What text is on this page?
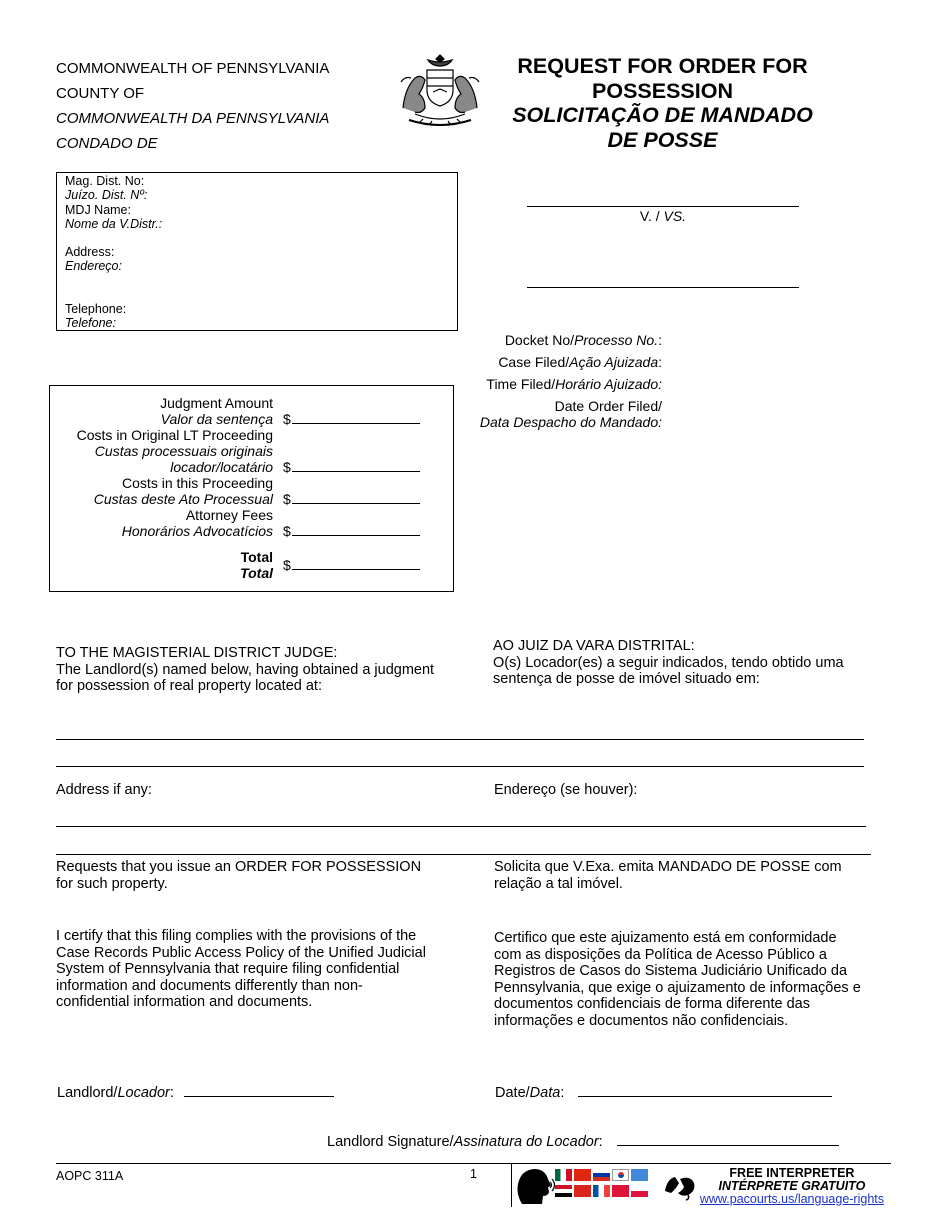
COMMONWEALTH OF PENNSYLVANIA
COUNTY OF
COMMONWEALTH DA PENNSYLVANIA
CONDADO DE
REQUEST FOR ORDER FOR
POSSESSION
SOLICITAÇÃO DE MANDADO
DE POSSE
Mag. Dist. No:
Juízo. Dist. Nº:
MDJ Name:
Nome da V.Distr.:
Address:
Endereço:
Telephone:
Telefone:
V. / VS.
Docket No/Processo No.:
Case Filed/Ação Ajuizada:
Time Filed/Horário Ajuizado:
Date Order Filed/
Data Despacho do Mandado:
Judgment Amount
Valor da sentença $
Costs in Original LT Proceeding
Custas processuais originais
locador/locatário $
Costs in this Proceeding
Custas deste Ato Processual $
Attorney Fees
Honorários Advocatícios $
Total
Total $
TO THE MAGISTERIAL DISTRICT JUDGE:
The Landlord(s) named below, having obtained a judgment for possession of real property located at:
AO JUIZ DA VARA DISTRITAL:
O(s) Locador(es) a seguir indicados, tendo obtido uma sentença de posse de imóvel situado em:
Address if any:	Endereço (se houver):
Requests that you issue an ORDER FOR POSSESSION for such property.
Solicita que V.Exa. emita MANDADO DE POSSE com relação a tal imóvel.
I certify that this filing complies with the provisions of the Case Records Public Access Policy of the Unified Judicial System of Pennsylvania that require filing confidential information and documents differently than non-confidential information and documents.
Certifico que este ajuizamento está em conformidade com as disposições da Política de Acesso Público a Registros de Casos do Sistema Judiciário Unificado da Pennsylvania, que exige o ajuizamento de informações e documentos confidenciais de forma diferente das informações e documentos não confidenciais.
Landlord/Locador:	Date/Data:
Landlord Signature/Assinatura do Locador:
AOPC 311A	1	FREE INTERPRETER
INTÉRPRETE GRATUITO
www.pacourts.us/language-rights
